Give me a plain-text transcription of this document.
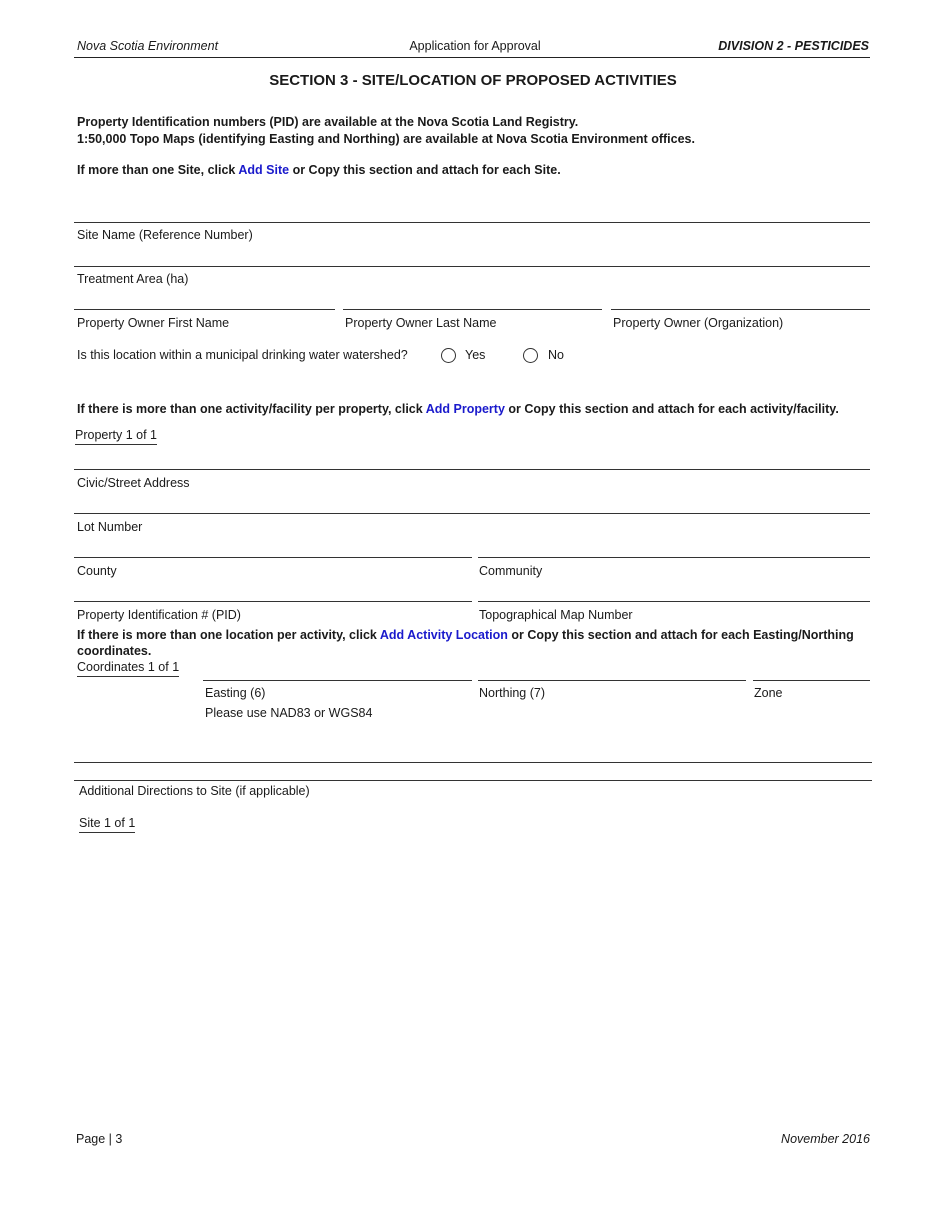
Nova Scotia Environment	Application for Approval	DIVISION 2 - PESTICIDES
SECTION 3 - SITE/LOCATION OF PROPOSED ACTIVITIES
Property Identification numbers (PID) are available at the Nova Scotia Land Registry.
1:50,000 Topo Maps (identifying Easting and Northing) are available at Nova Scotia Environment offices.
If more than one Site, click Add Site or Copy this section and attach for each Site.
Site Name (Reference Number)
Treatment Area (ha)
Property Owner First Name	Property Owner Last Name	Property Owner (Organization)
Is this location within a municipal drinking water watershed?	Yes	No
If there is more than one activity/facility per property, click Add Property or Copy this section and attach for each activity/facility.
Property 1 of 1
Civic/Street Address
Lot Number
County	Community
Property Identification # (PID)	Topographical Map Number
If there is more than one location per activity, click Add Activity Location or Copy this section and attach for each Easting/Northing
coordinates.
Coordinates 1 of 1
Easting (6)	Northing (7)	Zone
Please use NAD83 or WGS84
Additional Directions to Site (if applicable)
Site 1 of 1
Page | 3	November 2016
